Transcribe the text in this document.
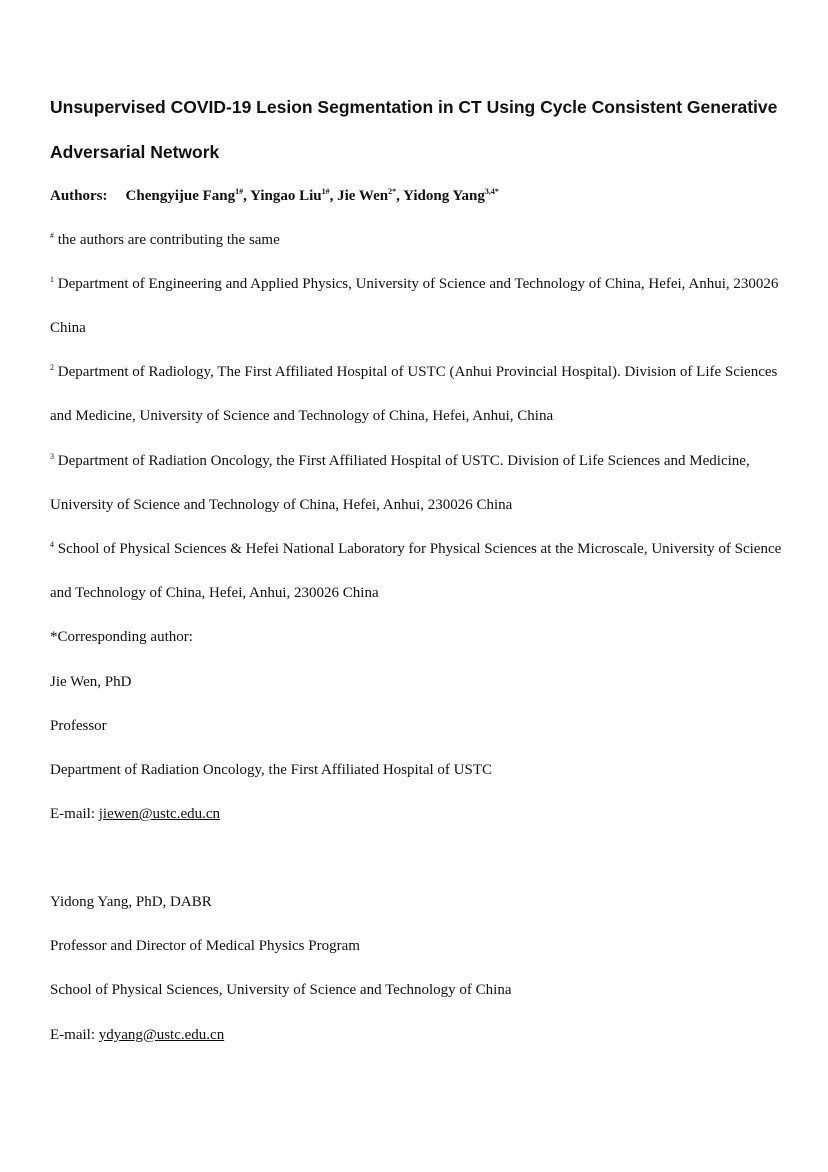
Unsupervised COVID-19 Lesion Segmentation in CT Using Cycle Consistent Generative
Adversarial Network
Authors: Chengyijue Fang$^{1\#}$, Yingao Liu$^{1\#}$, Jie Wen$^{2*}$, Yidong Yang$^{3,4*}$
# the authors are contributing the same
$^1$ Department of Engineering and Applied Physics, University of Science and Technology of China, Hefei, Anhui, 230026
China
$^2$ Department of Radiology, The First Affiliated Hospital of USTC (Anhui Provincial Hospital). Division of Life Sciences
and Medicine, University of Science and Technology of China, Hefei, Anhui, China
$^3$ Department of Radiation Oncology, the First Affiliated Hospital of USTC. Division of Life Sciences and Medicine,
University of Science and Technology of China, Hefei, Anhui, 230026 China
$^4$ School of Physical Sciences & Hefei National Laboratory for Physical Sciences at the Microscale, University of Science
and Technology of China, Hefei, Anhui, 230026 China
*Corresponding author:
Jie Wen, PhD
Professor
Department of Radiation Oncology, the First Affiliated Hospital of USTC
E-mail: jiewen@ustc.edu.cn
Yidong Yang, PhD, DABR
Professor and Director of Medical Physics Program
School of Physical Sciences, University of Science and Technology of China
E-mail: ydyang@ustc.edu.cn
